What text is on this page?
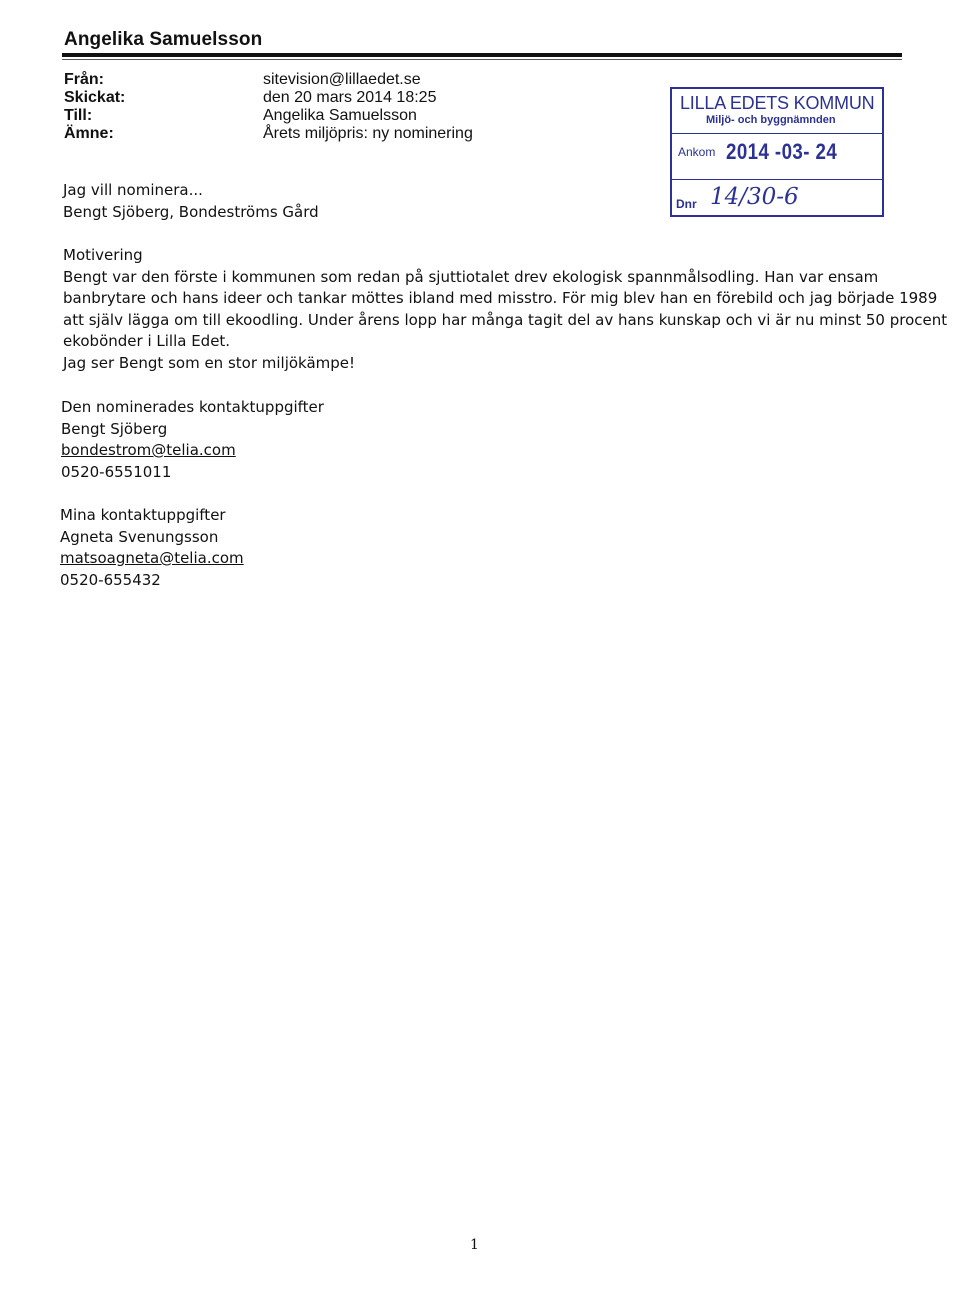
Angelika Samuelsson
Från:	sitevision@lillaedet.se
Skickat:	den 20 mars 2014 18:25
Till:	Angelika Samuelsson
Ämne:	Årets miljöpris: ny nominering
LILLA EDETS KOMMUN
Miljö- och byggnämnden
Ankom 2014 -03- 24
Dnr 14/30-6
Jag vill nominera...
Bengt Sjöberg, Bondeströms Gård
Motivering
Bengt var den förste i kommunen som redan på sjuttiotalet drev ekologisk spannmålsodling. Han var ensam
banbrytare och hans ideer och tankar möttes ibland med misstro. För mig blev han en förebild och jag började 1989
att själv lägga om till ekoodling. Under årens lopp har många tagit del av hans kunskap och vi är nu minst 50 procent
ekobönder i Lilla Edet.
Jag ser Bengt som en stor miljökämpe!
Den nominerades kontaktuppgifter
Bengt Sjöberg
bondestrom@telia.com
0520-6551011
Mina kontaktuppgifter
Agneta Svenungsson
matsoagneta@telia.com
0520-655432
1
